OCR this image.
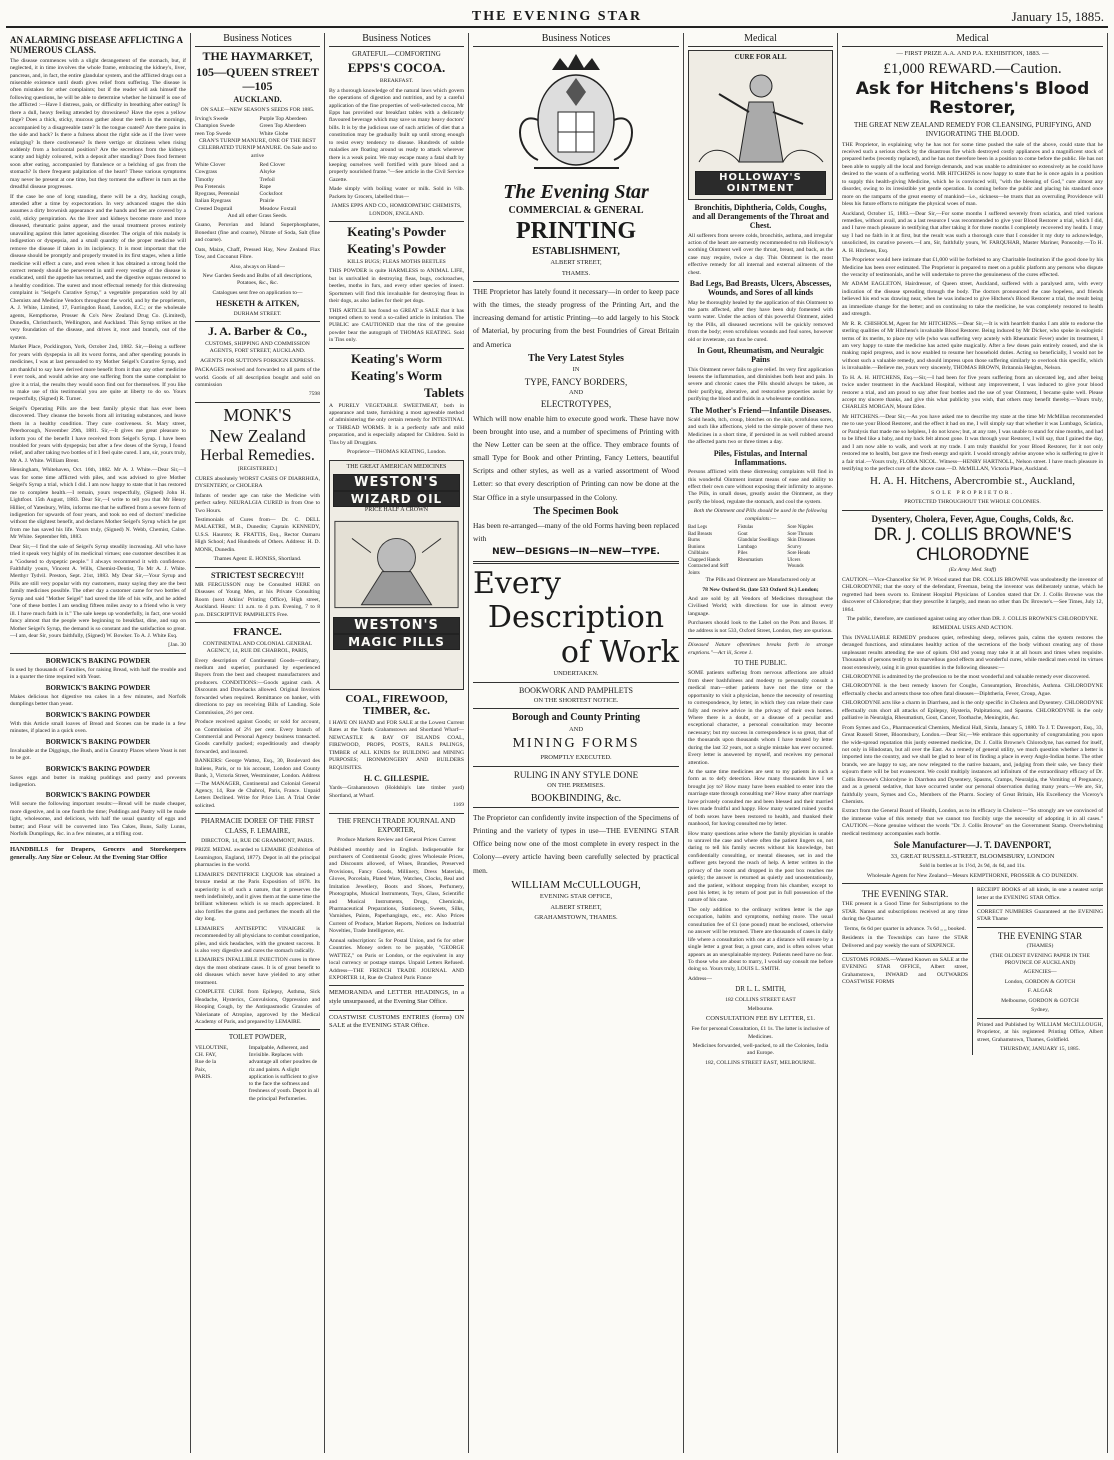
THE EVENING STAR	January 15, 1885.
AN ALARMING DISEASE AFFLICTING A NUMEROUS CLASS.
The disease commences with a slight derangement of the stomach, but, if neglected, it in time involves the whole frame, embracing the kidney's, liver, pancreas, and, in fact, the entire glandular system, and the afflicted drags out a miserable existence until death gives relief from suffering. The disease is often mistaken for other complaints; but if the reader will ask himself the following questions, he will be able to determine whether he himself is one of the afflicted :—Have I distress, pain, or difficulty in breathing after eating? Is there a dull, heavy feeling attended by drowsiness? Have the eyes a yellow tinge? Does a thick, sticky, mucous gather about the teeth in the mornings, accompanied by a disagreeable taste? Is the tongue coated? Are there pains in the side and back? Is there a fulness about the right side as if the liver were enlarging? Is there costiveness? Is there vertigo or dizziness when rising suddenly from a horizontal position? Are the secretions from the kidneys scanty and highly coloured, with a deposit after standing? Does food ferment soon after eating, accompanied by flatulence or a belching of gas from the stomach? Is there frequent palpitation of the heart? These various symptoms may never be present at one time, but they torment the sufferer in turn as the dreadful disease progresses.
If the case be one of long standing, there will be a dry, hacking cough, attended after a time by expectoration. In very advanced stages the skin assumes a dirty brownish appearance and the hands and feet are covered by a cold, sticky perspiration. As the liver and kidneys become more and more diseased, rheumatic pains appear, and the usual treatment proves entirely unavailing against this latter agonising disorder. The origin of this malady is indigestion or dyspepsia, and a small quantity of the proper medicine will remove the disease if taken in its incipiency. It is most important that the disease should be promptly and properly treated in its first stages, when a little medicine will effect a cure, and even when it has obtained a strong hold the correct remedy should be persevered in until every vestige of the disease is eradicated, until the appetite has returned, and the digestive organs restored to a healthy condition. The surest and most effectual remedy for this distressing complaint is "Seigel's Curative Syrup," a vegetable preparation sold by all Chemists and Medicine Vendors throughout the world, and by the proprietors, A. J. White, Limited, 17, Farringdon Road, London, E.C.; or the wholesale agents, Kempthorne, Prosser & Co's New Zealand Drug Co. (Limited), Dunedin, Christchurch, Wellington, and Auckland. This Syrup strikes at the very foundation of the disease, and drives it, root and branch, out of the system.
Market Place, Pocklington, York, October 2nd, 1882. Sir,—Being a sufferer for years with dyspepsia in all its worst forms, and after spending pounds in medicines, I was at last persuaded to try Mother Seigel's Curative Syrup, and am thankful to say have derived more benefit from it than any other medicine I ever took, and would advise any one suffering from the same complaint to give it a trial, the results they would soon find out for themselves. If you like to make use of this testimonial you are quite at liberty to do so. Yours respectfully, (Signed) R. Turner.
Seigel's Operating Pills are the best family physic that has ever been discovered. They cleanse the bowels from all irritating substances, and leave them in a healthy condition. They cure costiveness. St. Mary street, Peterborough, November 29th, 1881. Sir,—It gives me great pleasure to inform you of the benefit I have received from Seigel's Syrup. I have been troubled for years with dyspepsia; but after a few doses of the Syrup, I found relief, and after taking two bottles of it I feel quite cured. I am, sir, yours truly, Mr A. J. White. William Brent.
Hensingham, Whitehaven, Oct. 16th, 1882. Mr A. J. White.—Dear Sir,—I was for some time afflicted with piles, and was advised to give Mother Seigel's Syrup a trial, which I did. I am now happy to state that it has restored me to complete health.—I remain, yours respectfully, (Signed) John H. Lightfoot. 15th August, 1883. Dear Sir,—I write to tell you that Mr Henry Hillier, of Yatesbury, Wilts, informs me that he suffered from a severe form of indigestion for upwards of four years, and took no end of doctors' medicine without the slightest benefit, and declares Mother Seigel's Syrup which he got from me has saved his life. Yours truly, (Signed) N. Webb, Chemist, Calne. Mr White. September 8th, 1883.
Dear Sir,—I find the sale of Seigel's Syrup steadily increasing. All who have tried it speak very highly of its medicinal virtues; one customer describes it as a "Godsend to dyspeptic people." I always recommend it with confidence. Faithfully yours, Vincent A. Wills, Chemist-Dentist, To Mr A. J. White. Merthyr Tydvil. Preston, Sept. 21st, 1883. My Dear Sir,—Your Syrup and Pills are still very popular with my customers, many saying they are the best family medicines possible. The other day a customer came for two bottles of Syrup and said "Mother Seigel" had saved the life of his wife, and he added "one of these bottles I am sending fifteen miles away to a friend who is very ill. I have much faith in it." The sale keeps up wonderfully, in fact, one would fancy almost that the people were beginning to breakfast, dine, and sup on Mother Seigel's Syrup, the demand is so constant and the satisfaction so great.—I am, dear Sir, yours faithfully, (Signed) W. Bowker. To A. J. White Esq.
[Jan. 30
BORWICK'S BAKING POWDER
Is used by thousands of Families, for raising Bread, with half the trouble and in a quarter the time required with Yeast.
BORWICK'S BAKING POWDER
Makes delicious hot digestive tea cakes in a few minutes, and Norfolk dumplings better than yeast.
BORWICK'S BAKING POWDER
With this Article small loaves of Bread and Scones can be made in a few minutes, if placed in a quick oven.
BORWICK'S BAKING POWDER
Invaluable at the Diggings, the Bush, and in Country Places where Yeast is not to be got.
BORWICK'S BAKING POWDER
Saves eggs and butter in making puddings and pastry and prevents indigestion.
BORWICK'S BAKING POWDER
Will secure the following important results:—Bread will be made cheaper, more digestive, and in one fourth the time; Puddings and Pastry will be made light, wholesome, and delicious, with half the usual quantity of eggs and butter; and Flour will be converted into Tea Cakes, Buns, Sally Lunns, Norfolk Dumplings, &c. in a few minutes, at a trifling cost.
HANDBILLS for Drapers, Grocers and Storekeepers generally. Any Size or Colour. At the Evening Star Office
Business Notices
THE HAYMARKET,
105—QUEEN STREET—105
AUCKLAND.
ON SALE—NEW SEASON'S SEEDS FOR 1885.
Irving's Swede
Champion Swede
reen Top Swede
Purple Top Aberdeen
Green Top Aberdeen
White Globe
CRAN'S TURNIP MANURE, ONE OF THE BEST CELEBRATED TURNIP MANURE. On Sale and to arrive
White Clover
Cowgrass
Timothy
Pea Fretensis
Ryegrass, Perennial
Italian Ryegrass
Crested Dogstail
Red Clover
Alsyke
Trefoil
Rape
Cocksfoot
Prairie
Meadow Foxtail
And all other Grass Seeds.
Guano, Peruvian and Island Superphosphates, Bonedust (fine and coarse), Nitrate of Soda, Salt (fine and coarse).
Oats, Maize, Chaff, Pressed Hay, New Zealand Flax Tow, and Cocoanut Fibre.
Also, always on Hand—
New Garden Seeds and Bulbs of all descriptions, Potatoes, &c., &c.
Catalogues sent free on application to—
HESKETH & AITKEN,
DURHAM STREET.
J. A. Barber & Co.,
CUSTOMS, SHIPPING AND COMMISSION AGENTS, FORT STREET, AUCKLAND.
AGENTS FOR SUTTON'S FORKIGN EXPRESS.
PACKAGES received and forwarded to all parts of the world. Goods of all description bought and sold on commission
7598
MONK'S
New Zealand
Herbal Remedies.
[REGISTERED.]
CURES absolutely WORST CASES OF DIARRHŒA, DYSENTERY, or CHOLERA
Infants of tender age can take the Medicine with perfect safety. NEURALGIA CURED in from One to Two Hours.
Testimonials of Cures from— Dr. C. DELL MALAETRE, M.B., Dunedin; Captain KENNEDY, U.S.S. Hauroto; R. FRATTIS, Esq., Rector Oamaru High School; And Hundreds of Others. Address: H. D. MONK, Dunedin.
Thames Agent: E. HONISS, Shortland.
STRICTEST SECRECY!!!
MR FERGUSSON may be Consulted HERE on Diseases of Young Men, at his Private Consulting Room (next Atkins' Printing Office), High street, Auckland. Hours: 11 a.m. to 4 p.m. Evening, 7 to 8 p.m. DESCRIPTIVE PAMPHLETS Free.
FRANCE.
CONTINENTAL AND COLONIAL GENERAL AGENCY, 14, RUE DE CHABROL, PARIS,
Every description of Continental Goods—ordinary, medium and superior, purchased by experienced Buyers from the best and cheapest manufacturers and producers. CONDITIONS:—Goods against cash. A Discounts and Drawbacks allowed. Original Invoices forwarded when required. Remittance on banker, with directions to pay on receiving Bills of Landing. Sole Commission, 2½ per cent.
Produce received against Goods; or sold for account, on Commission of 2½ per cent. Every branch of Commercial and Personal Agency business transacted. Goods carefully packed; expeditiously and cheaply forwarded, and insured.
BANKERS: George Wattez, Esq., 30, Boulevard des Italiens, Paris, or to his account, London and County Bank, 3, Victoria Street, Westminster, London. Address—The MANAGER, Continental and Colonial General Agency, 14, Rue de Chabrol, Paris, France. Unpaid Letters Declined. Write for Price List. A Trial Order solicited.
PHARMACIE DOREE OF THE FIRST CLASS, F. LEMAIRE,
DIRECTOR, 14, RUE DE GRAMMONT, PARIS.
PRIZE MEDAL awarded to LEMAIRE (Exhibition of Leamington, England, 1877). Depot in all the principal pharmacies in the world.
LEMAIRE'S DENTIFRICE LIQUOR has obtained a bronze medal at the Paris Exposition of 1878. Its superiority is of such a nature, that it preserves the teeth indefinitely, and it gives them at the same time the brilliant whiteness which is so much appreciated. It also fortifies the gums and perfumes the mouth all the day long.
LEMAIRE'S ANTISEPTIC VINAIGRE is recommended by all physicians to combat constipation, piles, and sick headaches, with the greatest success. It is also very digestive and cures the stomach radically.
LEMAIRE'S INFALLIBLE INJECTION cures in three days the most obstinate cases. It is of great benefit to old diseases which never have yielded to any other treatment.
COMPLETE CURE from Epilepsy, Asthma, Sick Headache, Hysterics, Convulsions, Oppression and Hooping Cough, by the Antispasmodic Granules of Valerianate of Atropine, approved by the Medical Academy of Paris, and prepared by LEMAIRE.
TOILET POWDER,
VELOUTINE,
CH. FAY,
Rue de la
Paix,
PARIS.
Impalpable, Adherent, and Invisible. Replaces with advantage all other poudres de riz and paints. A slight application is sufficient to give to the face the softness and freshness of youth. Depot in all the principal Perfumeries.
Business Notices
GRATEFUL—COMFORTING
EPPS'S COCOA.
BREAKFAST.
By a thorough knowledge of the natural laws which govern the operations of digestion and nutrition, and by a careful application of the fine properties of well-selected cocoa, Mr Epps has provided our breakfast tables with a delicately flavoured beverage which may save us many heavy doctors' bills. It is by the judicious use of such articles of diet that a constitution may be gradually built up until strong enough to resist every tendency to disease. Hundreds of subtle maladies are floating around us ready to attack wherever there is a weak point. We may escape many a fatal shaft by keeping ourselves well fortified with pure blood and a properly nourished frame."—See article in the Civil Service Gazette.
Made simply with boiling water or milk. Sold in ½lb. Packets by Grocers, labelled thus—
JAMES EPPS AND CO., HOMŒOPATHIC CHEMISTS, LONDON, ENGLAND.
Keating's Powder
Keating's Powder
KILLS BUGS; FLEAS MOTHS BEETLES
THIS POWDER is quite HARMLESS to ANIMAL LIFE, but is unrivalled in destroying fleas, bugs, cockroaches, beetles, moths in furs, and every other species of insect. Sportsmen will find this invaluable for destroying fleas in their dogs, as also ladies for their pet dogs.
THIS ARTICLE has found so GREAT a SALE that it has tempted others to vend a so-called article in imitation. The PUBLIC are CAUTIONED that the tins of the genuine powder bear the autograph of THOMAS KEATING. Sold in Tins only.
Keating's Worm
Keating's Worm
Tablets
A PURELY VEGETABLE SWEETMEAT, both in appearance and taste, furnishing a most agreeable method of administering the only certain remedy for INTESTINAL or THREAD WORMS. It is a perfectly safe and mild preparation, and is especially adapted for Children. Sold in Tins by all Druggists.
Proprietor—THOMAS KEATING, London.
THE GREAT AMERICAN MEDICINES
WESTON'S
WIZARD OIL
PRICE HALF A CROWN
WESTON'S
MAGIC PILLS
COAL, FIREWOOD, TIMBER, &c.
I HAVE ON HAND and FOR SALE at the Lowest Current Rates at the Yards Grahamstown and Shortland Wharf—NEWCASTLE & BAY OF ISLANDS COAL, FIREWOOD, PROPS, POSTS, RAILS PALINGS, TIMBER of ALL KINDS for BUILDING and MINING PURPOSES; IRONMONGERY AND BUILDERS REQUISITES.
H. C. GILLESPIE.
Yards—Grahamstown (Holdship's late timber yard) Shortland, at Wharf.
1169
THE FRENCH TRADE JOURNAL AND EXPORTER,
Produce Markets Review and General Prices Current
Published monthly and in English. Indispensable for purchasers of Continental Goods; gives Wholesale Prices, and Discounts allowed, of Wines, Brandies, Preserved Provisions, Fancy Goods, Millinery, Dress Materials, Gloves, Porcelain, Plated Ware, Watches, Clocks, Real and Imitation Jewellery, Boots and Shoes, Perfumery, Photographs, Musical Instruments, Toys, Glass, Scientific and Musical Instruments, Drugs, Chemicals, Pharmaceutical Preparations, Stationery, Sweets, Silks, Varnishes, Paints, Paperhangings, etc., etc. Also Prices Current of Produce, Market Reports, Notices on Industrial Novelties, Trade Intelligence, etc.
Annual subscription: 5s for Postal Union, and 6s for other Countries. Money orders to be payable, "GEORGE WATTEZ," on Paris or London, or the equivalent in any local currency or postage stamps. Unpaid Letters Refused. Address—THE FRENCH TRADE JOURNAL AND EXPORTER 14, Rue de Chabrol Paris France
MEMORANDA and LETTER HEADINGS, in a style unsurpassed, at the Evening Star Office.
COASTWISE CUSTOMS ENTRIES (forms) ON SALE at the EVENING STAR Office.
Business Notices
The Evening Star
COMMERCIAL & GENERAL
PRINTING
ESTABLISHMENT,
ALBERT STREET,
THAMES.
THE Proprietor has lately found it necessary—in order to keep pace with the times, the steady progress of the Printing Art, and the increasing demand for artistic Printing—to add largely to his Stock of Material, by procuring from the best Foundries of Great Britain and America
The Very Latest Styles
IN
TYPE, FANCY BORDERS,
AND
ELECTROTYPES,
Which will now enable him to execute good work. These have now been brought into use, and a number of specimens of Printing with the New Letter can be seen at the office. They embrace founts of small Type for Book and other Printing, Fancy Letters, beautiful Scripts and other styles, as well as a varied assortment of Wood Letter: so that every description of Printing can now be done at the Star Office in a style unsurpassed in the Colony.
The Specimen Book
Has been re-arranged—many of the old Forms having been replaced with
NEW—DESIGNS—IN—NEW—TYPE.
Every
Description
of Work
UNDERTAKEN.
BOOKWORK AND PAMPHLETS
ON THE SHORTEST NOTICE.
Borough and County Printing
AND
MINING FORMS
PROMPTLY EXECUTED.
RULING IN ANY STYLE DONE
ON THE PREMISES.
BOOKBINDING, &c.
The Proprietor can confidently invite inspection of the Specimens of Printing and the variety of types in use—THE EVENING STAR Office being now one of the most complete in every respect in the Colony—every article having been carefully selected by practical men.
WILLIAM McCULLOUGH,
EVENING STAR OFFICE,
ALBERT STREET,
GRAHAMSTOWN, THAMES.
Medical
CURE FOR ALL
HOLLOWAY'S OINTMENT
Bronchitis, Diphtheria, Colds, Coughs, and all Derangements of the Throat and Chest.
All sufferers from severe colds, bronchitis, asthma, and irregular action of the heart are earnestly recommended to rub Holloway's soothing Ointment well over the throat, breast, and back, as the case may require, twice a day. This Ointment is the most effective remedy for all internal and external ailments of the chest.
Bad Legs, Bad Breasts, Ulcers, Abscesses, Wounds, and Sores of all kinds
May be thoroughly healed by the application of this Ointment to the parts affected, after they have been duly fomented with warm water. Under the action of this powerful Ointment, aided by the Pills, all diseased secretions will be quickly removed from the body; even scrofulous wounds and foul sores, however old or inveterate, can thus be cured.
In Gout, Rheumatism, and Neuralgic Pains
This Ointment never fails to give relief. Its very first application lessens the inflammation, and diminishes both heat and pain. In severe and chronic cases the Pills should always be taken, as their purifying, alterative, and restorative properties assist by purifying the blood and fluids in a wholesome condition.
The Mother's Friend—Infantile Diseases.
Scald heads, itch, croup, blotches on the skin, scrofulous sores, and such like affections, yield to the simple power of these two Medicines in a short time, if persisted in as well rubbed around the affected parts two or three times a day.
Piles, Fistulas, and Internal Inflammations.
Persons afflicted with these distressing complaints will find in this wonderful Ointment instant means of ease and ability to effect their own cure without exposing their infirmity to anyone. The Pills, in small doses, greatly assist the Ointment, as they purify the blood, regulate the stomach, and cool the system.
Both the Ointment and Pills should be used in the following complaints:—
Bad Legs
Bad Breasts
Burns
Bunions
Chilblains
Chapped Hands
Contracted and Stiff Joints
Fistulas
Gout
Glandular Swellings
Lumbago
Piles
Rheumatism
Sore Nipples
Sore Throats
Skin Diseases
Scurvy
Sore Heads
Ulcers
Wounds
The Pills and Ointment are Manufactured only at
78 New Oxford St. (late 533 Oxford St.) London;
And are sold by all Vendors of Medicines throughout the Civilised World; with directions for use in almost every language.
Purchasers should look to the Label on the Pots and Boxes. If the address is not 533, Oxford Street, London, they are spurious.
Diseased Nature oftentimes breaks forth in strange eruptions."—Act iii, Scene 1.
TO THE PUBLIC.
SOME patients suffering from nervous affections are afraid from sheer bashfulness and modesty to personally consult a medical man—other patients have not the time or the opportunity to visit a physician, hence the necessity of resorting to correspondence, by letter, in which they can relate their case fully and receive advice in the privacy of their own homes. Where there is a doubt, or a disease of a peculiar and exceptional character, a personal consultation may become necessary; but my success in correspondence is so great, that of the thousands upon thousands whom I have treated by letter during the last 32 years, not a single mistake has ever occurred. Every letter is answered by myself, and receives my personal attention.
At the same time medicines are sent to my patients in such a form as to defy detection. How many thousands have I set brought joy to? How many have been enabled to enter into the marriage state through consulting me? How many after marriage have privately consulted me and been blessed and their married lives made fruitful and happy. How many wasted ruined youths of both sexes have been restored to health, and thanked their manhood, for having consulted me by letter.
How many questions arise where the family physician is unable to unravel the case and where often the patient lingers on, not daring to tell his family secrets without his knowledge, but confidentially consulting, or mental diseases, set in and the sufferer gets beyond the reach of help. A letter written in the privacy of the room and dropped in the post box reaches me quietly; the answer is returned as quietly and unostentatiously, and the patient, without stepping from his chamber, except to post his letter, is by return of post put in full possession of the nature of his case.
The only addition to the ordinary written letter is the age occupation, habits and symptoms, nothing more. The usual consultation fee of £1 (one pound) must be enclosed, otherwise no answer will be returned. There are thousands of cases in daily life where a consultation with one at a distance will ensure by a single letter a great fear, a great care, and is often solves what appears as an unexplainable mystery. Patients need have no fear. To those who are about to marry, I would say consult me before doing so. Yours truly, LOUIS L. SMITH.
Address—
DR L. L. SMITH,
182 COLLINS STREET EAST
Melbourne.
CONSULTATION FEE BY LETTER, £1.
Fee for personal Consultation, £1 1s. The latter is inclusive of Medicines.
Medicines forwarded, well-packed, to all the Colonies, India and Europe.
182, COLLINS STREET EAST, MELBOURNE.
Medical
— FIRST PRIZE A.A. AND P.A. EXHIBITION, 1883. —
£1,000 REWARD.—Caution.
Ask for Hitchens's Blood Restorer,
THE GREAT NEW ZEALAND REMEDY FOR CLEANSING, PURIFYING, AND INVIGORATING THE BLOOD.
THE Proprietor, in explaining why he has not for some time pushed the sale of the above, could state that he received such a serious check by the disastrous fire which destroyed costly appliances and a magnificent stock of prepared herbs (recently replaced), and he has not therefore been in a position to come before the public. He has not been able to supply all the local and foreign demands, and was unable to administer so extensively as he could have desired to the wants of a suffering world. MR HITCHENS is now happy to state that he is once again in a position to supply this health-giving Medicine, which he is convinced will, "with the blessing of God," cure almost any disorder, owing to its irresistible yet gentle operation. In coming before the public and placing his standard once more on the ramparts of the great enemy of mankind—i.e., sickness—he trusts that an overruling Providence will bless his future efforts to mitigate the physical woes of man.
Auckland, October 15, 1883.—Dear Sir,—For some months I suffered severely from sciatica, and tried various remedies, without avail, and as a last resource I was recommended to give your Blood Restorer a trial, which I did, and I have much pleasure in testifying that after taking it for three months I completely recovered my health. I may say I had no faith in it at first, but the result was such a thorough cure that I consider it my duty to acknowledge, unsolicited, its curative powers.—I am, Sir, faithfully yours, W. FARQUHAR, Master Mariner, Ponsonby.—To H. A. H. Hitchens, Esq.
The Proprietor would here intimate that £1,000 will be forfeited to any Charitable Institution if the good done by his Medicine has been over estimated. The Proprietor is prepared to meet on a public platform any persons who dispute the veracity of testimonials, and he will undertake to prove the genuineness of the cures effected.
Mr ADAM EAGLETON, Hairdresser, of Queen street, Auckland, suffered with a paralysed arm, with every indication of the disease spreading through the body. The doctors pronounced the case hopeless, and friends believed his end was drawing near, when he was induced to give Hitchens's Blood Restorer a trial, the result being an immediate change for the better; and on continuing to take the medicine, he was completely restored to health and strength.
Mr R. R. CHISHOLM, Agent for Mr HITCHENS.—Dear Sir,—It is with heartfelt thanks I am able to endorse the sterling qualities of Mr Hitchens's invaluable Blood Restorer. Being induced by Mr Dicker, who spoke in eulogistic terms of its merits, to place my wife (who was suffering very acutely with Rheumatic Fever) under its treatment, I am very happy to state the medicine has acted quite magically. After a few doses pain entirely ceased, and she is making rapid progress, and is now enabled to resume her household duties. Acting so beneficially, I would not be without such a valuable remedy, and should impress upon those suffering similarly to overlook this specific, which is invaluable.—Believe me, yours very sincerely, THOMAS BROWN, Britannia Heights, Nelson.
To H. A. H. HITCHENS, Esq.—Sir,—I had been for five years suffering from an ulcerated leg, and after being twice under treatment in the Auckland Hospital, without any improvement, I was induced to give your blood restorer a trial, and am proud to say after four bottles and the use of your Ointment, I became quite well. Please accept my sincere thanks, and give this what publicity you wish, that others may benefit thereby.—Yours truly, CHARLES MORGAN, Mount Eden.
Mr HITCHENS.—Dear Sir,—As you have asked me to describe my state at the time Mr McMillan recommended me to use your Blood Restorer, and the effect it had on me, I will simply say that whether it was Lumbago, Sciatica, or Paralysis that made me so helpless, I do not know; but, at any rate, I was unable to stand for nine months, and had to be lifted like a baby, and my back felt almost gone. It was through your Restorer, I will say, that I gained the day, and I am now able to walk, and work at my trade. I am truly thankful for your Blood Restorer, for it not only restored me to health, but gave me fresh energy and spirit. I would strongly advise anyone who is suffering to give it a fair trial.—Yours truly, FLORA NICOL. Witness—HENRY HARTNOLL, Nelson street. I have much pleasure in testifying to the perfect cure of the above case.—D. McMILLAN, Victoria Place, Auckland.
H. A. H. Hitchens, Abercrombie st., Auckland,
SOLE PROPRIETOR.
PROTECTED THROUGHOUT THE WHOLE COLONIES.
Dysentery, Cholera, Fever, Ague, Coughs, Colds, &c.
DR. J. COLLIS BROWNE'S CHLORODYNE
(Ex Army Med. Staff)
CAUTION.—Vice-Chancellor Sir W. P. Wood stated that DR. COLLIS BROWNE was undoubtedly the inventor of CHLORODYNE; that the story of the defendant, Freeman, being the inventor was deliberately untrue, which he regretted had been sworn to. Eminent Hospital Physicians of London stated that Dr. J. Collis Browne was the discoverer of Chlorodyne; that they prescribe it largely, and mean no other than Dr. Browne's.—See Times, July 12, 1864.
The public, therefore, are cautioned against using any other than DR. J. COLLIS BROWNE'S CHLORODYNE.
REMEDIAL USES AND ACTION.
This INVALUABLE REMEDY produces quiet, refreshing sleep, relieves pain, calms the system restores the deranged functions, and stimulates healthy action of the secretions of the body without creating any of those unpleasant results attending the use of opium. Old and young may take it at all hours and times when requisite. Thousands of persons testify to its marvellous good effects and wonderful cures, while medical men extol its virtues most extensively, using it in great quantities in the following diseases:—
CHLORODYNE is admitted by the profession to be the most wonderful and valuable remedy ever discovered.
CHLORODYNE is the best remedy known for Coughs, Consumption, Bronchitis, Asthma. CHLORODYNE effectually checks and arrests those too often fatal diseases—Diphtheria, Fever, Croup, Ague.
CHLORODYNE acts like a charm in Diarrhœa, and is the only specific in Cholera and Dysentery. CHLORODYNE effectually cuts short all attacks of Epilepsy, Hysteria, Palpitations, and Spasms. CHLORODYNE is the only palliative in Neuralgia, Rheumatism, Gout, Cancer, Toothache, Meningitis, &c.
From Symes and Co., Pharmaceutical Chemists, Medical Hall, Simla, January 5, 1880. To J. T. Davenport, Esq., 33, Great Russell Street, Bloomsbury, London.—Dear Sir,—We embrace this opportunity of congratulating you upon the wide-spread reputation this justly esteemed medicine, Dr. J. Collis Browne's Chlorodyne, has earned for itself, not only in Hindostan, but all over the East. As a remedy of general utility, we much question whether a better is imported into the country, and we shall be glad to hear of its finding a place in every Anglo-Indian home. The other brands, we are happy to say, are now relegated to the native bazaars, and, judging from their sale, we fancy their sojourn there will be but evanescent. We could multiply instances ad infinitum of the extraordinary efficacy of Dr. Collis Browne's Chlorodyne in Diarrhœa and Dysentery, Spasms, Cramps, Neuralgia, the Vomiting of Pregnancy, and as a general sedative, that have occurred under our personal observation during many years.—We are, Sir, faithfully yours, Symes and Co., Members of the Pharm. Society of Great Britain, His Excellency the Viceroy's Chemists.
Extract from the General Board of Health, London, as to its efficacy in Cholera:—"So strongly are we convinced of the immense value of this remedy that we cannot too forcibly urge the necessity of adopting it in all cases." CAUTION.—None genuine without the words "Dr. J. Collis Browne" on the Government Stamp. Overwhelming medical testimony accompanies each bottle.
Sole Manufacturer—J. T. DAVENPORT,
33, GREAT RUSSELL-STREET, BLOOMSBURY, LONDON
Sold in bottles at 1s 1½d, 2s 9d, 4s 6d, and 11s.
Wholesale Agents for New Zealand—Messrs KEMPTHORNE, PROSSER & CO DUNEDIN.
THE EVENING STAR.
THE present is a Good Time for Subscriptions to the STAR. Names and subscriptions received at any time during the Quarter.
Terms, 6s 6d per quarter in advance. 7s 6d „ „ booked.
Residents in the Townships can have the STAR Delivered and pay weekly the sum of SIXPENCE.
CUSTOMS FORMS.—Wanted Known on SALE at the EVENING STAR OFFICE, Albert street, Grahamstown, INWARD and OUTWARDS COASTWISE FORMS
RECEIPT BOOKS of all kinds, in one a neatest script letter at the EVENING STAR Office.
CORRECT NUMBERS Guaranteed at the EVENING STAR Thame
THE EVENING STAR
(THAMES)
(THE OLDEST EVENING PAPER IN THE PROVINCE OF AUCKLAND)
AGENCIES—
London, GORDON & GOTCH
F. ALGAR
Melbourne, GORDON & GOTCH
Sydney,
Printed and Published by WILLIAM McCULLOUGH, Proprietor, at his registered Printing Office, Albert street, Grahamstown, Thames, Goldfield.
THURSDAY, JANUARY 15, 1885.
